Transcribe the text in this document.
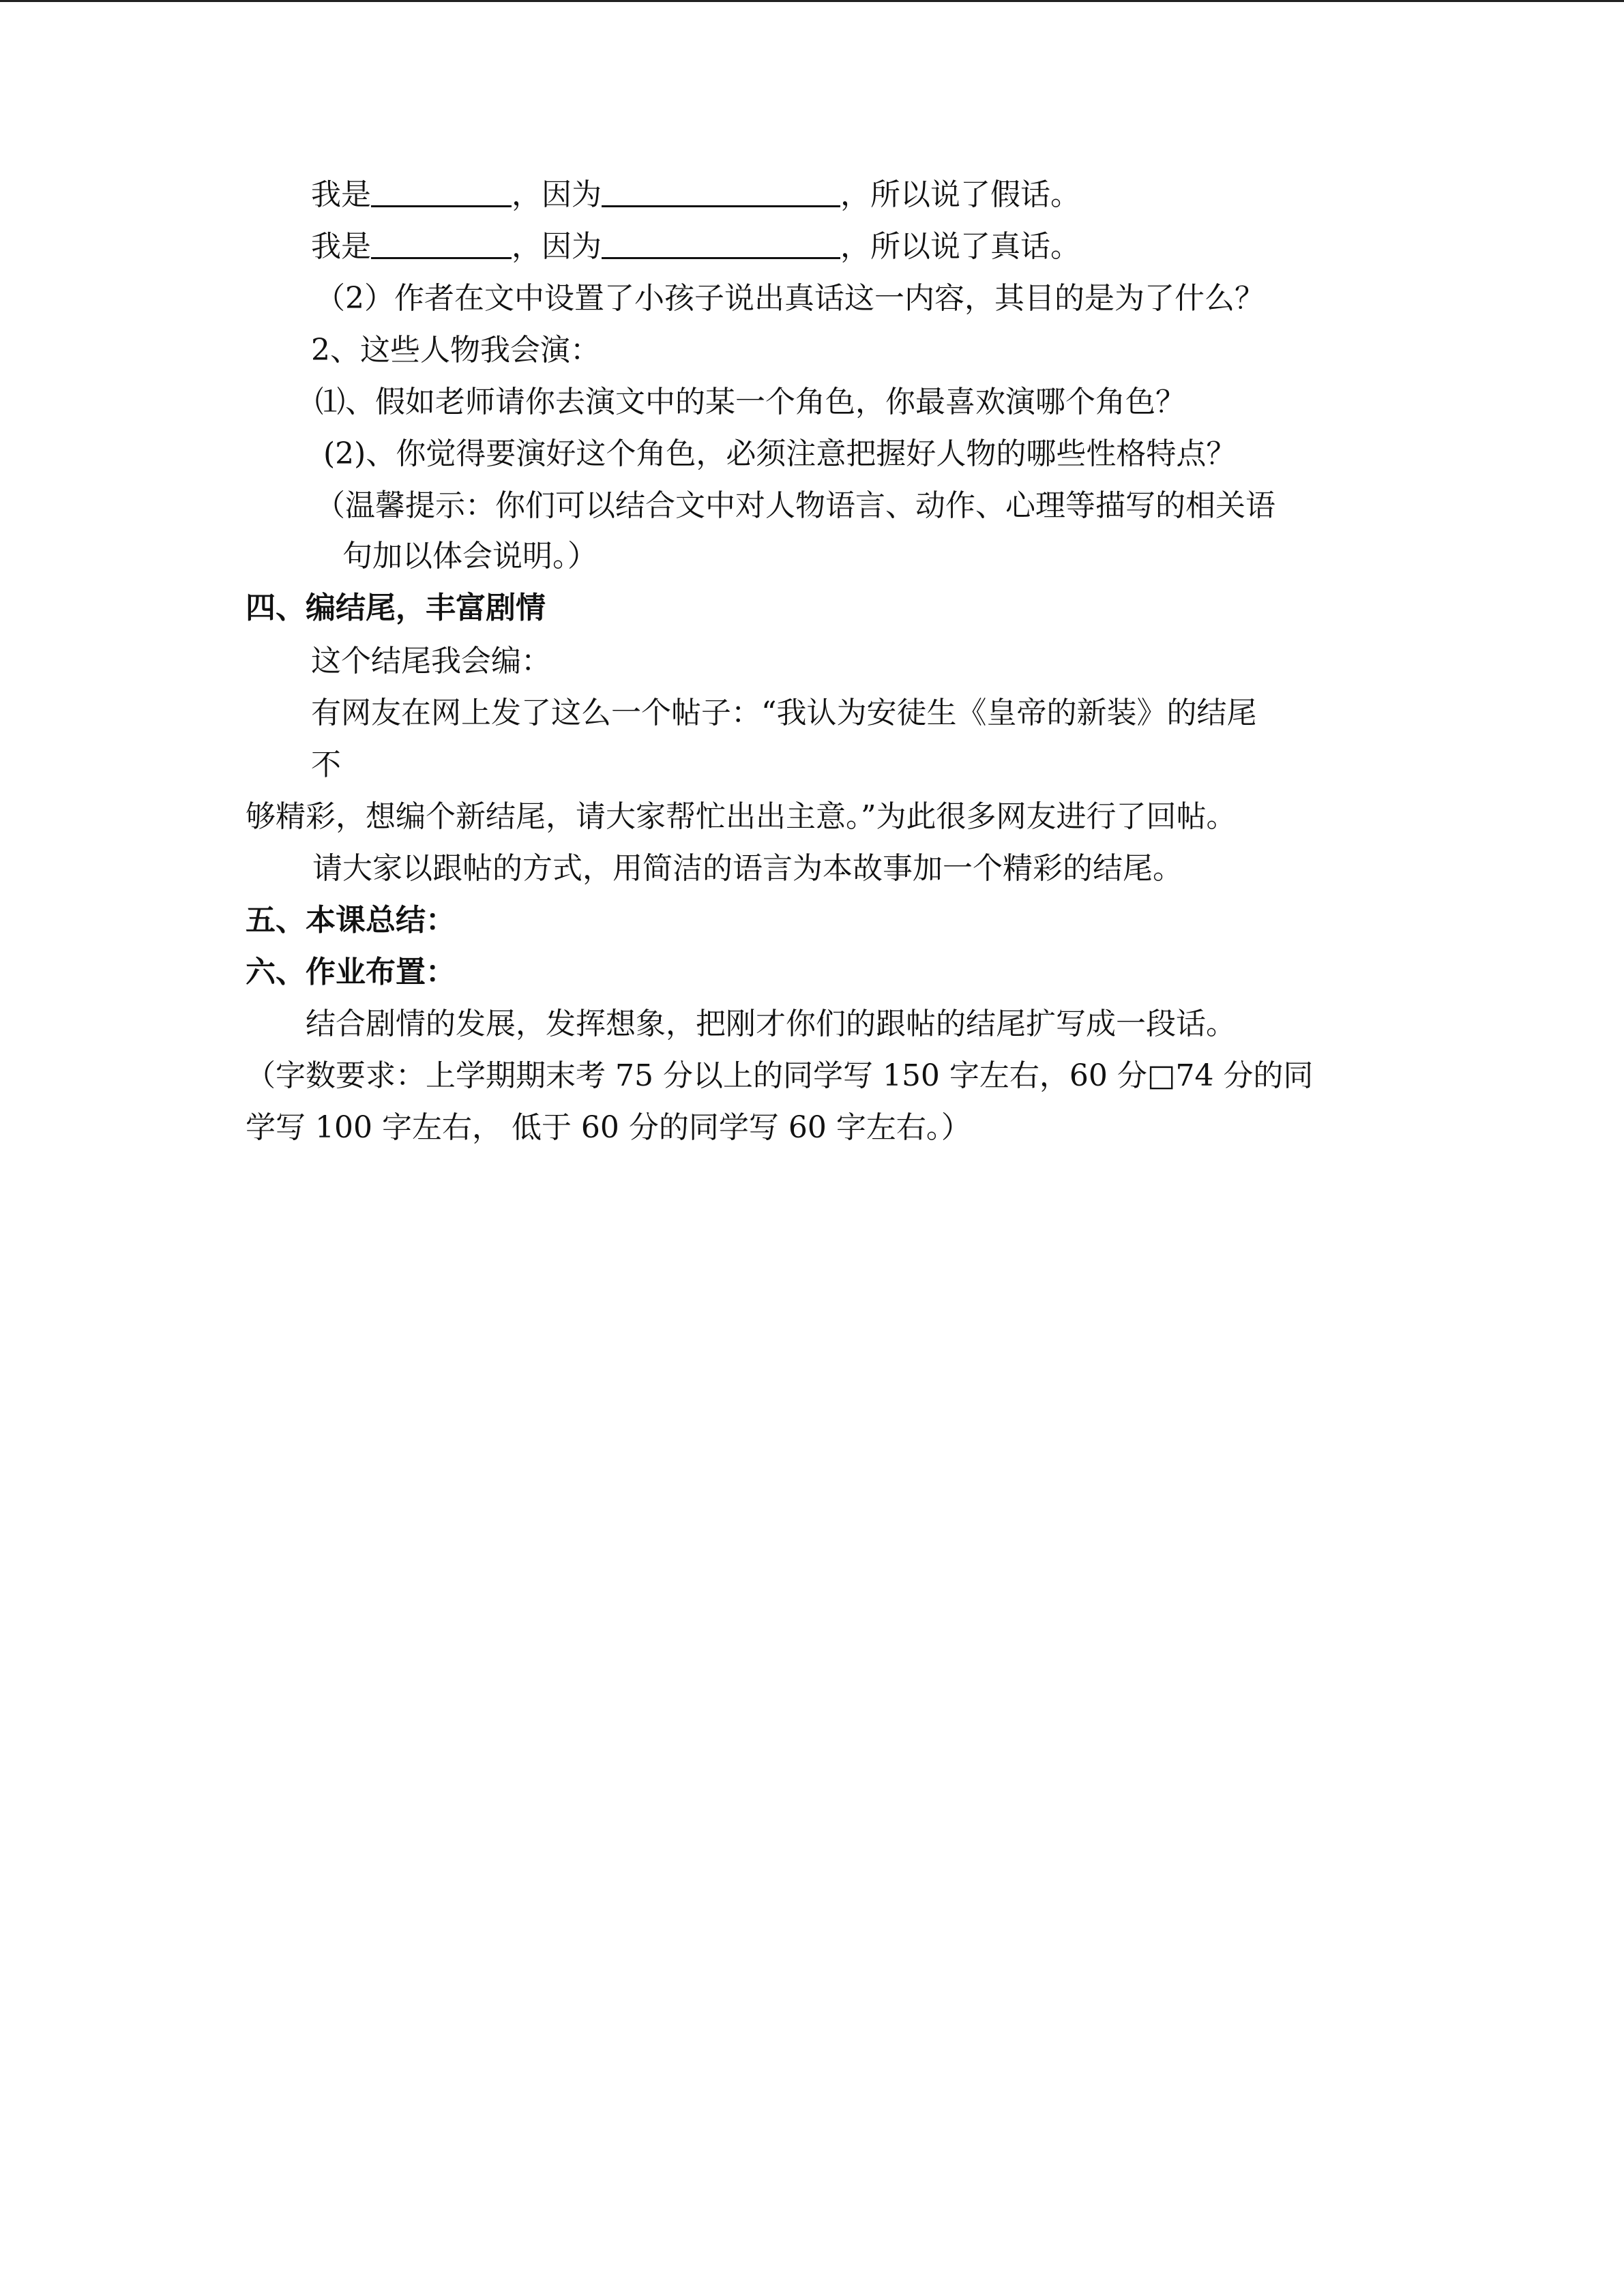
我是	，因为	，所以说了假话。
我是	，因为	，所以说了真话。
（2）作者在文中设置了小孩子说出真话这一内容，其目的是为了什么？
2、这些人物我会演：
⑴、假如老师请你去演文中的某一个角色，你最喜欢演哪个角色？
(2)、你觉得要演好这个角色，必须注意把握好人物的哪些性格特点？
（温馨提示：你们可以结合文中对人物语言、动作、心理等描写的相关语
句加以体会说明。）
四、编结尾，丰富剧情
这个结尾我会编：
有网友在网上发了这么一个帖子：“我认为安徒生《皇帝的新装》的结尾
不
够精彩，想编个新结尾，请大家帮忙出出主意。”为此很多网友进行了回帖。
请大家以跟帖的方式，用简洁的语言为本故事加一个精彩的结尾。
五、本课总结：
六、作业布置：
结合剧情的发展，发挥想象，把刚才你们的跟帖的结尾扩写成一段话。
（字数要求：上学期期末考 75 分以上的同学写 150 字左右，60 分□74 分的同
学写 100 字左右， 低于 60 分的同学写 60 字左右。）
